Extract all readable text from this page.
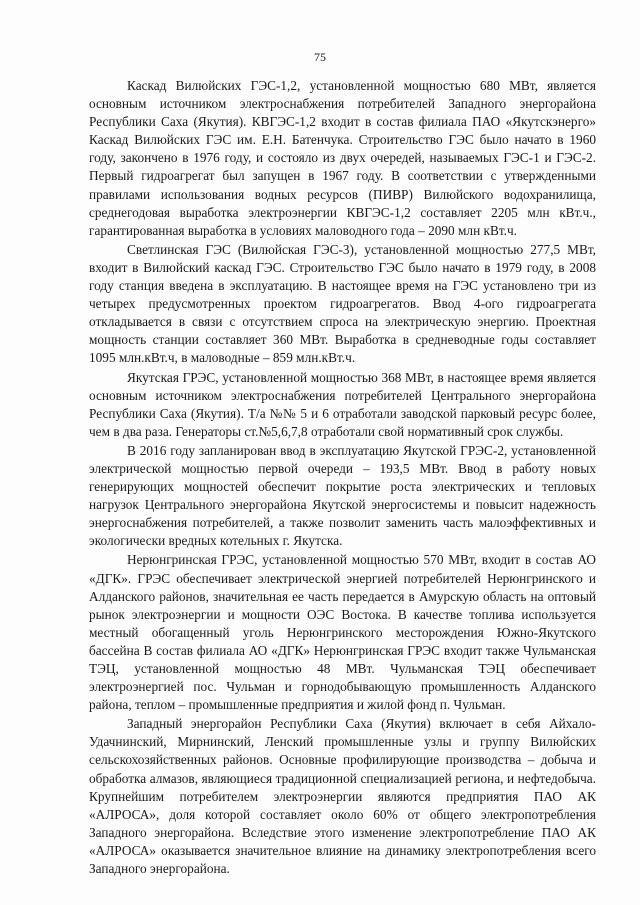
75

Каскад Вилюйских ГЭС-1,2, установленной мощностью 680 МВт, является основным источником электроснабжения потребителей Западного энергорайона Республики Саха (Якутия). КВГЭС-1,2 входит в состав филиала ПАО «Якутскэнерго» Каскад Вилюйских ГЭС им. Е.Н. Батенчука. Строительство ГЭС было начато в 1960 году, закончено в 1976 году, и состояло из двух очередей, называемых ГЭС-1 и ГЭС-2. Первый гидроагрегат был запущен в 1967 году. В соответствии с утвержденными правилами использования водных ресурсов (ПИВР) Вилюйского водохранилища, среднегодовая выработка электроэнергии КВГЭС-1,2 составляет 2205 млн кВт.ч., гарантированная выработка в условиях маловодного года – 2090 млн кВт.ч.

Светлинская ГЭС (Вилюйская ГЭС-3), установленной мощностью 277,5 МВт, входит в Вилюйский каскад ГЭС. Строительство ГЭС было начато в 1979 году, в 2008 году станция введена в эксплуатацию. В настоящее время на ГЭС установлено три из четырех предусмотренных проектом гидроагрегатов. Ввод 4-ого гидроагрегата откладывается в связи с отсутствием спроса на электрическую энергию. Проектная мощность станции составляет 360 МВт. Выработка в средневодные годы составляет 1095 млн.кВт.ч, в маловодные – 859 млн.кВт.ч.

Якутская ГРЭС, установленной мощностью 368 МВт, в настоящее время является основным источником электроснабжения потребителей Центрального энергорайона Республики Саха (Якутия). Т/а №№ 5 и 6 отработали заводской парковый ресурс более, чем в два раза. Генераторы ст.№5,6,7,8 отработали свой нормативный срок службы.

В 2016 году запланирован ввод в эксплуатацию Якутской ГРЭС-2, установленной электрической мощностью первой очереди – 193,5 МВт. Ввод в работу новых генерирующих мощностей обеспечит покрытие роста электрических и тепловых нагрузок Центрального энергорайона Якутской энергосистемы и повысит надежность энергоснабжения потребителей, а также позволит заменить часть малоэффективных и экологически вредных котельных г. Якутска.

Нерюнгринская ГРЭС, установленной мощностью 570 МВт, входит в состав АО «ДГК». ГРЭС обеспечивает электрической энергией потребителей Нерюнгринского и Алданского районов, значительная ее часть передается в Амурскую область на оптовый рынок электроэнергии и мощности ОЭС Востока. В качестве топлива используется местный обогащенный уголь Нерюнгринского месторождения Южно-Якутского бассейна В состав филиала АО «ДГК» Нерюнгринская ГРЭС входит также Чульманская ТЭЦ, установленной мощностью 48 МВт. Чульманская ТЭЦ обеспечивает электроэнергией пос. Чульман и горнодобывающую промышленность Алданского района, теплом – промышленные предприятия и жилой фонд п. Чульман.

Западный энергорайон Республики Саха (Якутия) включает в себя Айхало-Удачнинский, Мирнинский, Ленский промышленные узлы и группу Вилюйских сельскохозяйственных районов. Основные профилирующие производства – добыча и обработка алмазов, являющиеся традиционной специализацией региона, и нефтедобыча. Крупнейшим потребителем электроэнергии являются предприятия ПАО АК «АЛРОСА», доля которой составляет около 60% от общего электропотребления Западного энергорайона. Вследствие этого изменение электропотребление ПАО АК «АЛРОСА» оказывается значительное влияние на динамику электропотребления всего Западного энергорайона.
